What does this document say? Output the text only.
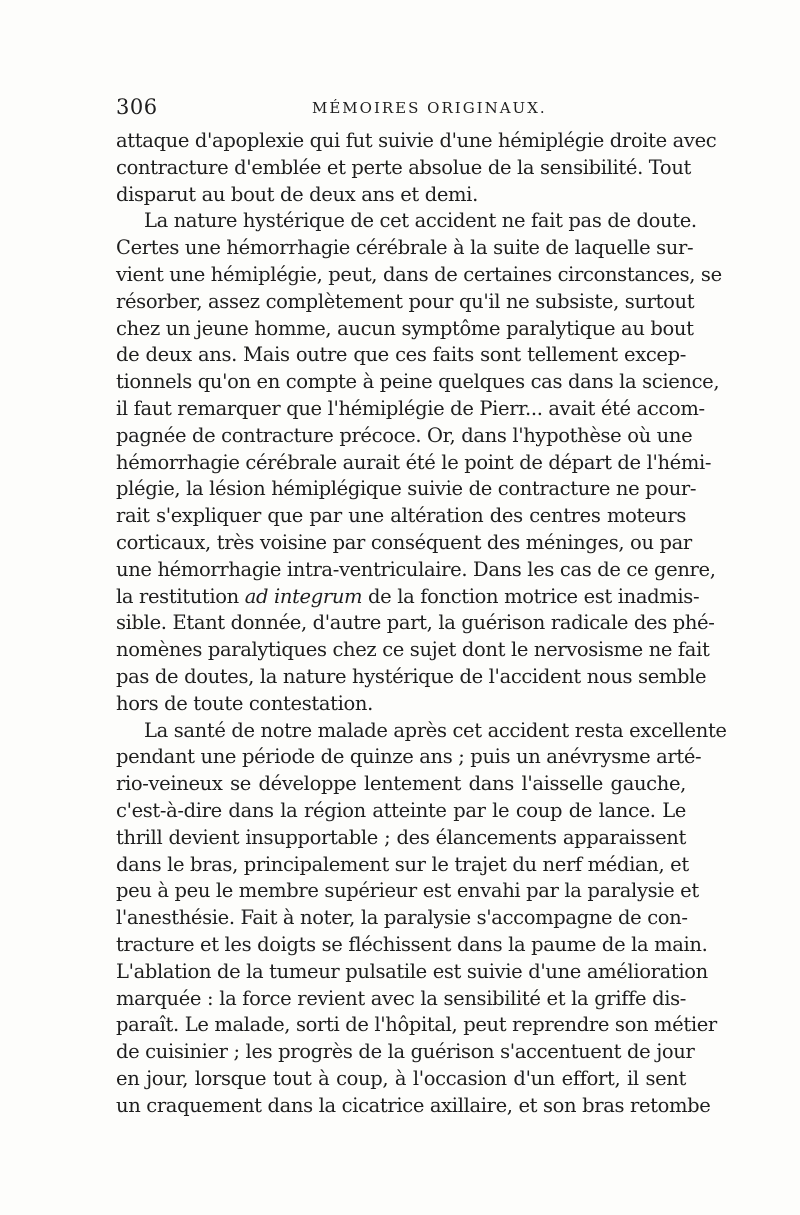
306	MÉMOIRES ORIGINAUX.
attaque d'apoplexie qui fut suivie d'une hémiplégie droite avec
contracture d'emblée et perte absolue de la sensibilité. Tout
disparut au bout de deux ans et demi.
La nature hystérique de cet accident ne fait pas de doute.
Certes une hémorrhagie cérébrale à la suite de laquelle sur-
vient une hémiplégie, peut, dans de certaines circonstances, se
résorber, assez complètement pour qu'il ne subsiste, surtout
chez un jeune homme, aucun symptôme paralytique au bout
de deux ans. Mais outre que ces faits sont tellement excep-
tionnels qu'on en compte à peine quelques cas dans la science,
il faut remarquer que l'hémiplégie de Pierr... avait été accom-
pagnée de contracture précoce. Or, dans l'hypothèse où une
hémorrhagie cérébrale aurait été le point de départ de l'hémi-
plégie, la lésion hémiplégique suivie de contracture ne pour-
rait s'expliquer que par une altération des centres moteurs
corticaux, très voisine par conséquent des méninges, ou par
une hémorrhagie intra-ventriculaire. Dans les cas de ce genre,
la restitution ad integrum de la fonction motrice est inadmis-
sible. Etant donnée, d'autre part, la guérison radicale des phé-
nomènes paralytiques chez ce sujet dont le nervosisme ne fait
pas de doutes, la nature hystérique de l'accident nous semble
hors de toute contestation.
La santé de notre malade après cet accident resta excellente
pendant une période de quinze ans ; puis un anévrysme arté-
rio-veineux se développe lentement dans l'aisselle gauche,
c'est-à-dire dans la région atteinte par le coup de lance. Le
thrill devient insupportable ; des élancements apparaissent
dans le bras, principalement sur le trajet du nerf médian, et
peu à peu le membre supérieur est envahi par la paralysie et
l'anesthésie. Fait à noter, la paralysie s'accompagne de con-
tracture et les doigts se fléchissent dans la paume de la main.
L'ablation de la tumeur pulsatile est suivie d'une amélioration
marquée : la force revient avec la sensibilité et la griffe dis-
paraît. Le malade, sorti de l'hôpital, peut reprendre son métier
de cuisinier ; les progrès de la guérison s'accentuent de jour
en jour, lorsque tout à coup, à l'occasion d'un effort, il sent
un craquement dans la cicatrice axillaire, et son bras retombe
